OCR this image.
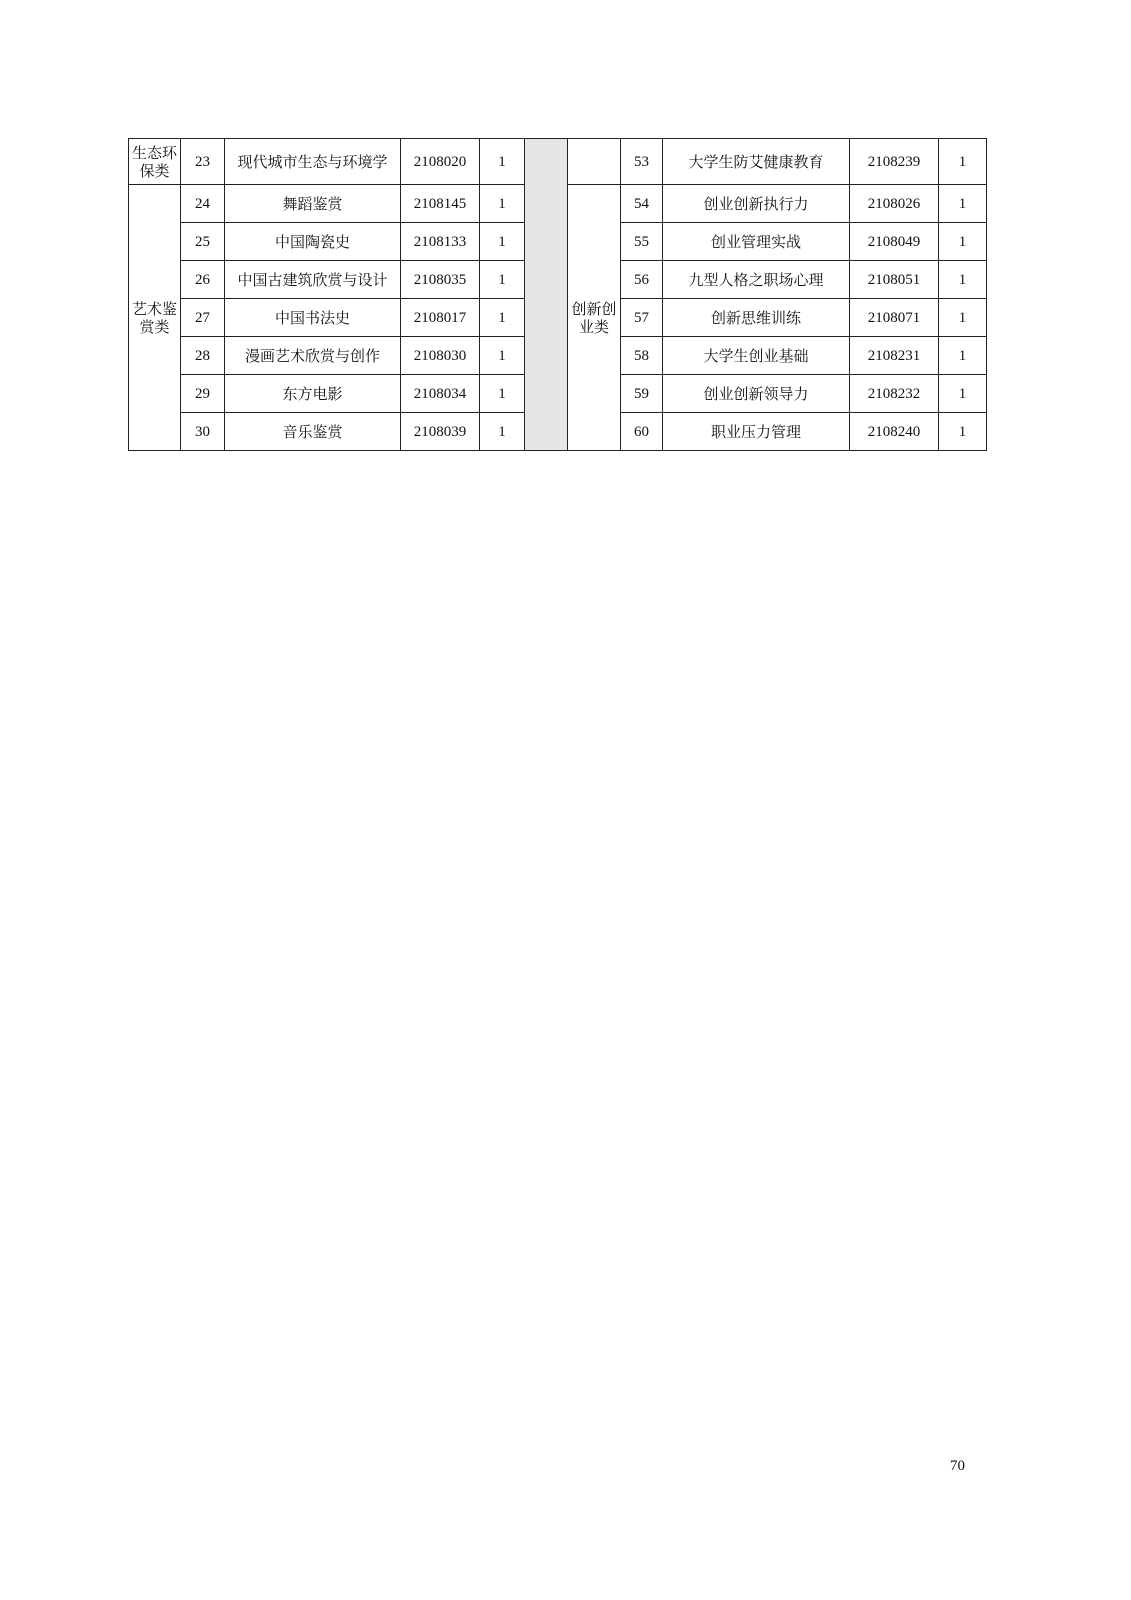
生态环保类	23	现代城市生态与环境学	2108020	1			53	大学生防艾健康教育	2108239	1
艺术鉴赏类	24	舞蹈鉴赏	2108145	1		创新创业类	54	创业创新执行力	2108026	1
	25	中国陶瓷史	2108133	1			55	创业管理实战	2108049	1
	26	中国古建筑欣赏与设计	2108035	1			56	九型人格之职场心理	2108051	1
	27	中国书法史	2108017	1			57	创新思维训练	2108071	1
	28	漫画艺术欣赏与创作	2108030	1			58	大学生创业基础	2108231	1
	29	东方电影	2108034	1			59	创业创新领导力	2108232	1
	30	音乐鉴赏	2108039	1			60	职业压力管理	2108240	1
70
